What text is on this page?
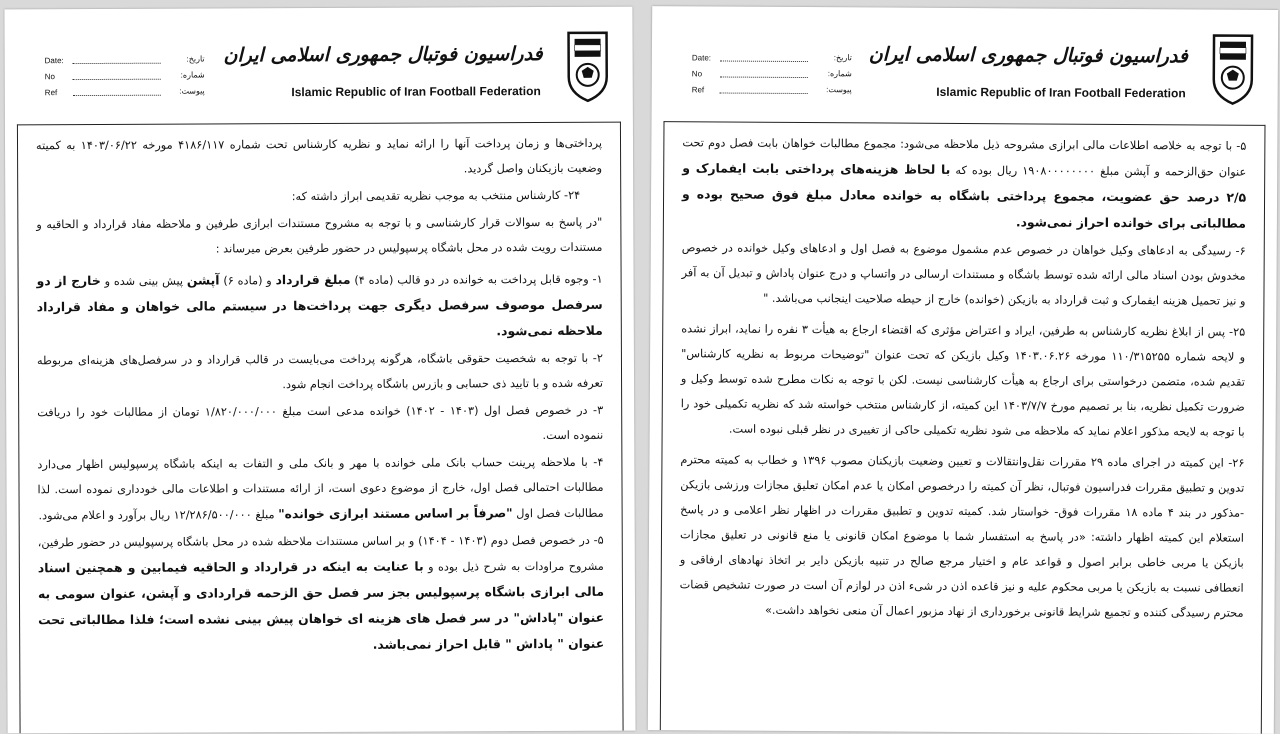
فدراسیون فوتبال جمهوری اسلامی ایران
Islamic Republic of Iran Football Federation
Date:	تاریخ:
No	شماره:
Ref	پیوست:

پرداختی‌ها و زمان پرداخت آنها را ارائه نماید و نظریه کارشناس تحت شماره ۴۱۸۶/۱۱۷ مورخه ۱۴۰۳/۰۶/۲۲ به کمیته وضعیت بازیکنان واصل گردید.

۲۴- کارشناس منتخب به موجب نظریه تقدیمی ابراز داشته که:

"در پاسخ به سوالات قرار کارشناسی و با توجه به مشروح مستندات ابرازی طرفین و ملاحظه مفاد قرارداد و الحاقیه و مستندات رویت شده در محل باشگاه پرسپولیس در حضور طرفین بعرض میرساند :

۱- وجوه قابل پرداخت به خوانده در دو قالب (ماده ۴) مبلغ قرارداد و (ماده ۶) آپشن پیش بینی شده و خارج از دو سرفصل موصوف سرفصل دیگری جهت پرداخت‌ها در سیستم مالی خواهان و مفاد قرارداد ملاحظه نمی‌شود.

۲- با توجه به شخصیت حقوقی باشگاه، هرگونه پرداخت می‌بایست در قالب قرارداد و در سرفصل‌های هزینه‌ای مربوطه تعرفه شده و با تایید ذی حسابی و بازرس باشگاه پرداخت انجام شود.

۳- در خصوص فصل اول (۱۴۰۳ - ۱۴۰۲) خوانده مدعی است مبلغ ۱/۸۲۰/۰۰۰/۰۰۰ تومان از مطالبات خود را دریافت ننموده است.

۴- با ملاحظه پرینت حساب بانک ملی خوانده با مهر و بانک ملی و التفات به اینکه باشگاه پرسپولیس اظهار می‌دارد مطالبات احتمالی فصل اول، خارج از موضوع دعوی است، از ارائه مستندات و اطلاعات مالی خودداری نموده است. لذا مطالبات فصل اول "صرفاً بر اساس مستند ابرازی خوانده" مبلغ ۱۲/۲۸۶/۵۰۰/۰۰۰ ریال برآورد و اعلام می‌شود.

۵- در خصوص فصل دوم (۱۴۰۳ - ۱۴۰۴) و بر اساس مستندات ملاحظه شده در محل باشگاه پرسپولیس در حضور طرفین، مشروح مراودات به شرح ذیل بوده و با عنایت به اینکه در قرارداد و الحاقیه فیمابین و همچنین اسناد مالی ابرازی باشگاه پرسپولیس بجز سر فصل حق الزحمه قراردادی و آپشن، عنوان سومی به عنوان "پاداش" در سر فصل های هزینه ای خواهان پیش بینی نشده است؛ فلذا مطالباتی تحت عنوان " پاداش " قابل احراز نمی‌باشد.

فدراسیون فوتبال جمهوری اسلامی ایران
Islamic Republic of Iran Football Federation
Date:	تاریخ:
No	شماره:
Ref	پیوست:

۵- با توجه به خلاصه اطلاعات مالی ابرازی مشروحه ذیل ملاحظه می‌شود: مجموع مطالبات خواهان بابت فصل دوم تحت عنوان حق‌الزحمه و آپشن مبلغ ۱۹۰۸۰۰۰۰۰۰۰۰ ریال بوده که با لحاظ هزینه‌های پرداختی بابت ایفمارک و ۲/۵ درصد حق عضویت، مجموع پرداختی باشگاه به خوانده معادل مبلغ فوق صحیح بوده و مطالباتی برای خوانده احراز نمی‌شود.

۶- رسیدگی به ادعاهای وکیل خواهان در خصوص عدم مشمول موضوع به فصل اول و ادعاهای وکیل خوانده در خصوص مخدوش بودن اسناد مالی ارائه شده توسط باشگاه و مستندات ارسالی در واتساپ و درج عنوان پاداش و تبدیل آن به آفر و نیز تحمیل هزینه ایفمارک و ثبت قرارداد به بازیکن (خوانده) خارج از حیطه صلاحیت اینجانب می‌باشد. "

۲۵- پس از ابلاغ نظریه کارشناس به طرفین، ایراد و اعتراض مؤثری که اقتضاء ارجاع به هیأت ۳ نفره را نماید، ابراز نشده و لایحه شماره ۱۱۰/۳۱۵۲۵۵ مورخه ۱۴۰۳.۰۶.۲۶ وکیل بازیکن که تحت عنوان "توضیحات مربوط به نظریه کارشناس" تقدیم شده، متضمن درخواستی برای ارجاع به هیأت کارشناسی نیست. لکن با توجه به نکات مطرح شده توسط وکیل و ضرورت تکمیل نظریه، بنا بر تصمیم مورخ ۱۴۰۳/۷/۷ این کمیته، از کارشناس منتخب خواسته شد که نظریه تکمیلی خود را با توجه به لایحه مذکور اعلام نماید که ملاحظه می شود نظریه تکمیلی حاکی از تغییری در نظر قبلی نبوده است.

۲۶- این کمیته در اجرای ماده ۲۹ مقررات نقل‌وانتقالات و تعیین وضعیت بازیکنان مصوب ۱۳۹۶ و خطاب به کمیته محترم تدوین و تطبیق مقررات فدراسیون فوتبال، نظر آن کمیته را درخصوص امکان یا عدم امکان تعلیق مجازات ورزشی بازیکن -مذکور در بند ۴ ماده ۱۸ مقررات فوق- خواستار شد. کمیته تدوین و تطبیق مقررات در اظهار نظر اعلامی و در پاسخ استعلام این کمیته اظهار داشته: «در پاسخ به استفسار شما با موضوع امکان قانونی یا منع قانونی در تعلیق مجازات بازیکن یا مربی خاطی برابر اصول و قواعد عام و اختیار مرجع صالح در تنبیه بازیکن دایر بر اتخاذ نهادهای ارفاقی و انعطافی نسبت به بازیکن یا مربی محکوم علیه و نیز قاعده اذن در شیء اذن در لوازم آن است در صورت تشخیص قضات محترم رسیدگی کننده و تجمیع شرایط قانونی برخورداری از نهاد مزبور اعمال آن منعی نخواهد داشت.»
